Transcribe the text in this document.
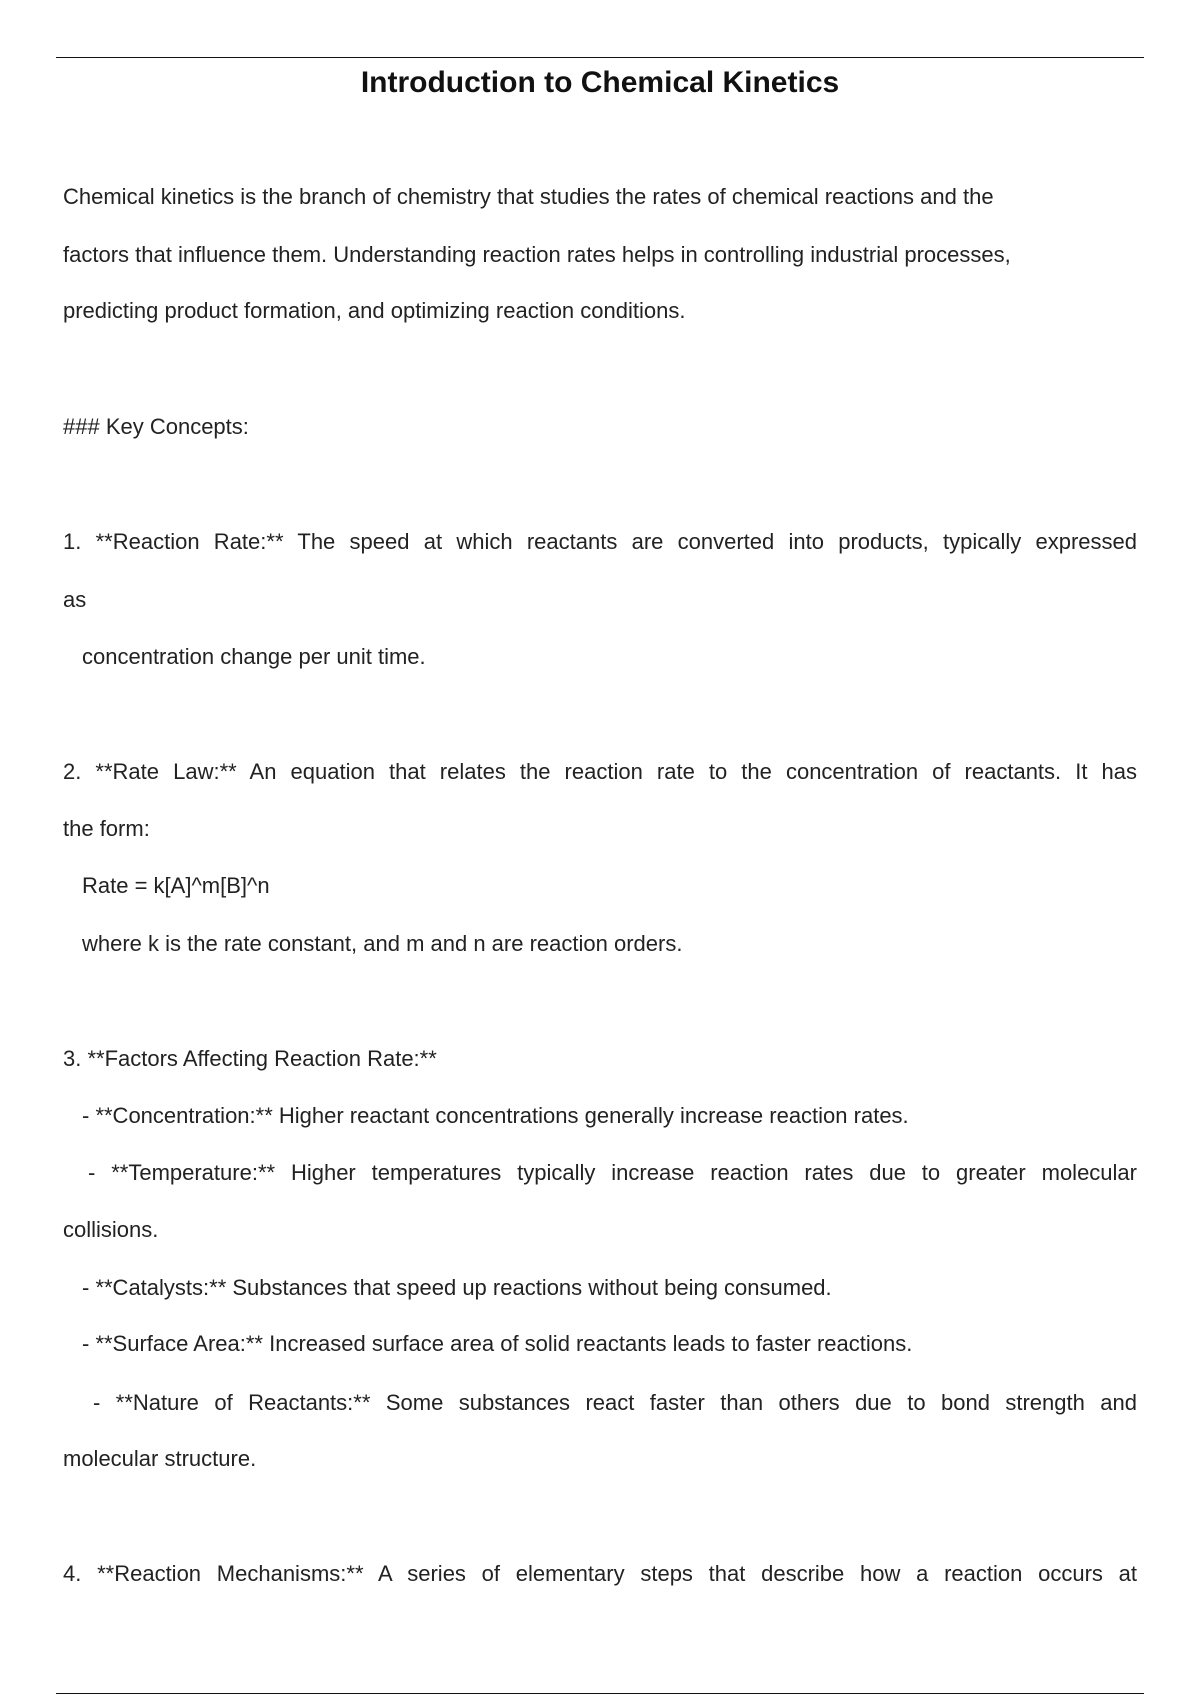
Introduction to Chemical Kinetics
Chemical kinetics is the branch of chemistry that studies the rates of chemical reactions and the
factors that influence them. Understanding reaction rates helps in controlling industrial processes,
predicting product formation, and optimizing reaction conditions.
### Key Concepts:
1. **Reaction Rate:** The speed at which reactants are converted into products, typically expressed
as
concentration change per unit time.
2. **Rate Law:** An equation that relates the reaction rate to the concentration of reactants. It has
the form:
Rate = k[A]^m[B]^n
where k is the rate constant, and m and n are reaction orders.
3. **Factors Affecting Reaction Rate:**
- **Concentration:** Higher reactant concentrations generally increase reaction rates.
- **Temperature:** Higher temperatures typically increase reaction rates due to greater molecular
collisions.
- **Catalysts:** Substances that speed up reactions without being consumed.
- **Surface Area:** Increased surface area of solid reactants leads to faster reactions.
- **Nature of Reactants:** Some substances react faster than others due to bond strength and
molecular structure.
4. **Reaction Mechanisms:** A series of elementary steps that describe how a reaction occurs at
